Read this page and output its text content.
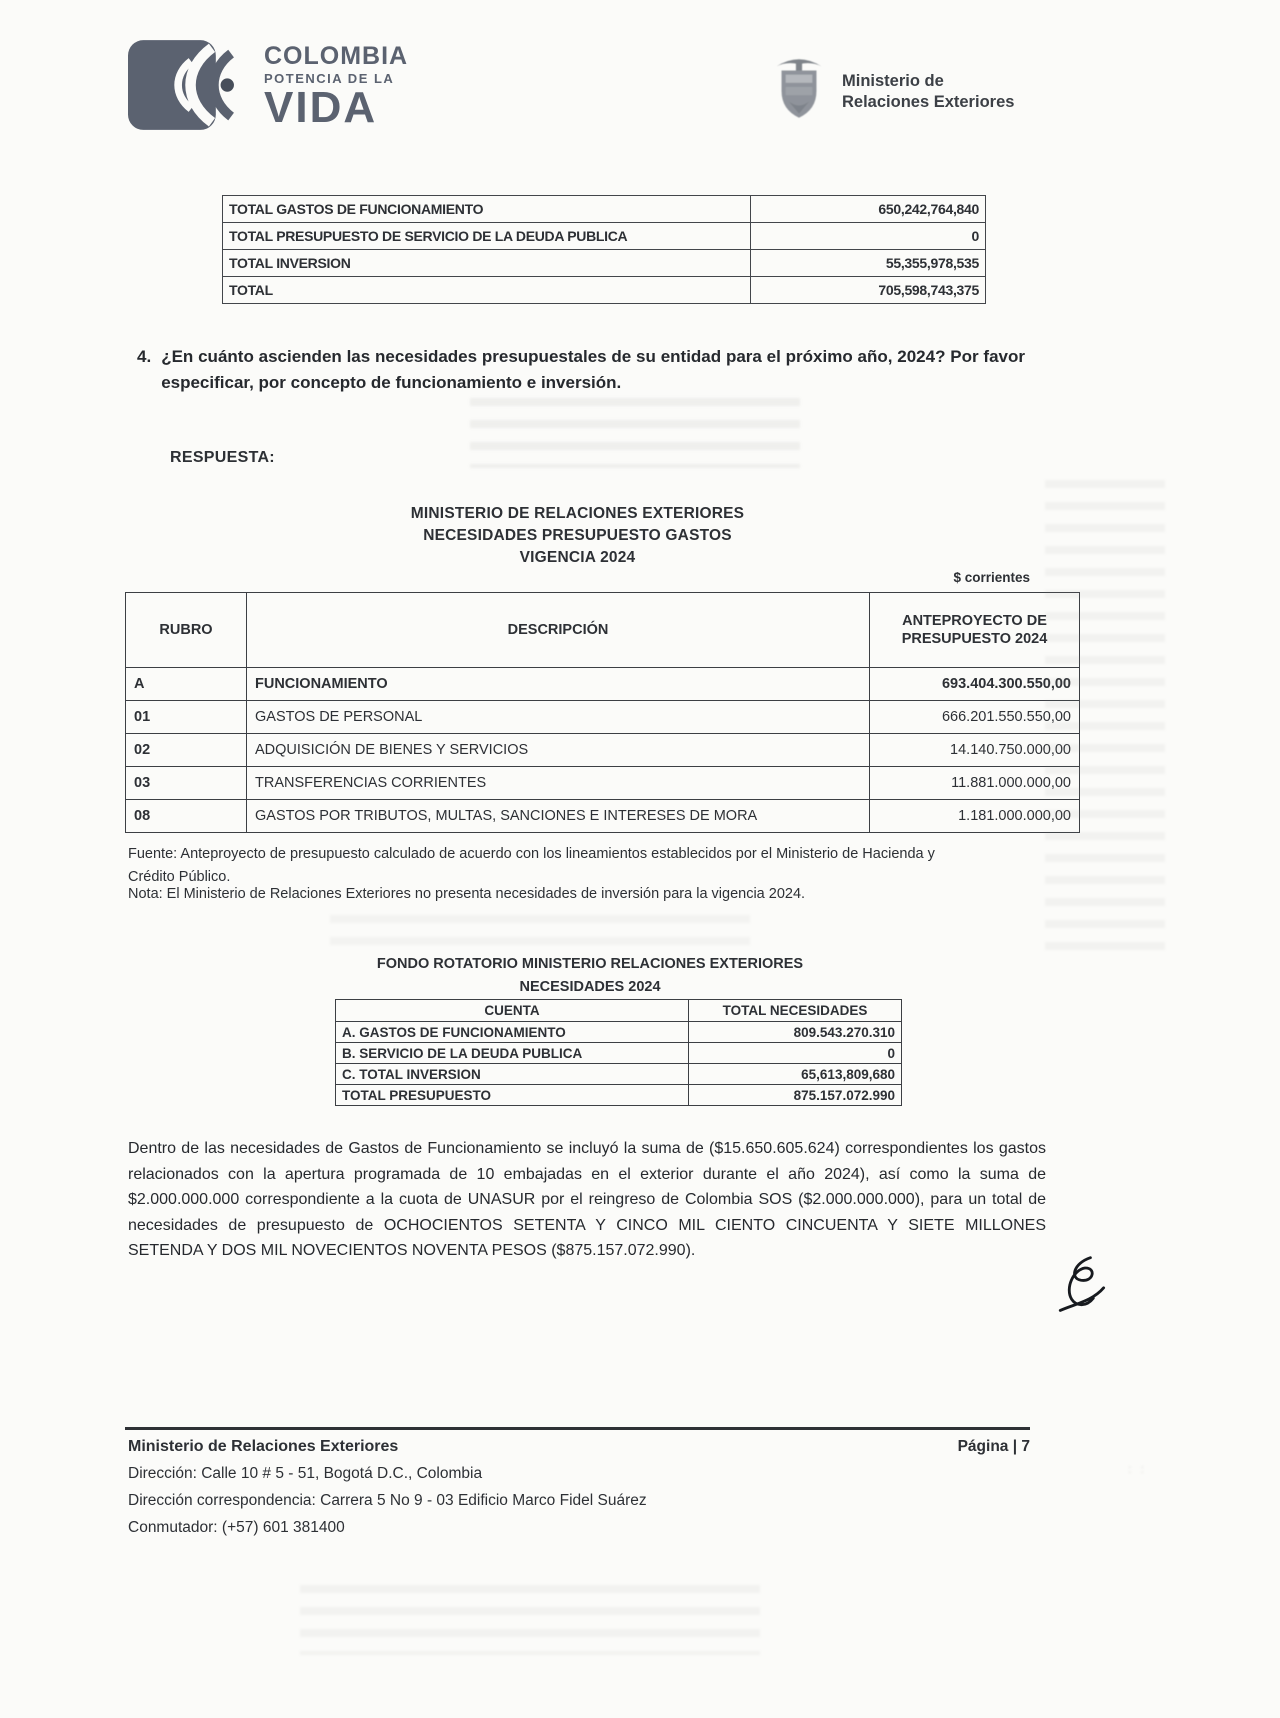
COLOMBIA
POTENCIA DE LA
VIDA
Ministerio de
Relaciones Exteriores
TOTAL GASTOS DE FUNCIONAMIENTO	650,242,764,840
TOTAL PRESUPUESTO DE SERVICIO DE LA DEUDA PUBLICA	0
TOTAL INVERSION	55,355,978,535
TOTAL	705,598,743,375
4. ¿En cuánto ascienden las necesidades presupuestales de su entidad para el próximo año, 2024? Por favor especificar, por concepto de funcionamiento e inversión.
RESPUESTA:
MINISTERIO DE RELACIONES EXTERIORES
NECESIDADES PRESUPUESTO GASTOS
VIGENCIA 2024
$ corrientes
RUBRO	DESCRIPCIÓN	ANTEPROYECTO DE PRESUPUESTO 2024
A	FUNCIONAMIENTO	693.404.300.550,00
01	GASTOS DE PERSONAL	666.201.550.550,00
02	ADQUISICIÓN DE BIENES Y SERVICIOS	14.140.750.000,00
03	TRANSFERENCIAS CORRIENTES	11.881.000.000,00
08	GASTOS POR TRIBUTOS, MULTAS, SANCIONES E INTERESES DE MORA	1.181.000.000,00
Fuente: Anteproyecto de presupuesto calculado de acuerdo con los lineamientos establecidos por el Ministerio de Hacienda y Crédito Público.
Nota: El Ministerio de Relaciones Exteriores no presenta necesidades de inversión para la vigencia 2024.
FONDO ROTATORIO MINISTERIO RELACIONES EXTERIORES
NECESIDADES 2024
CUENTA	TOTAL NECESIDADES
A. GASTOS DE FUNCIONAMIENTO	809.543.270.310
B. SERVICIO DE LA DEUDA PUBLICA	0
C. TOTAL INVERSION	65,613,809,680
TOTAL PRESUPUESTO	875.157.072.990
Dentro de las necesidades de Gastos de Funcionamiento se incluyó la suma de ($15.650.605.624) correspondientes los gastos relacionados con la apertura programada de 10 embajadas en el exterior durante el año 2024), así como la suma de $2.000.000.000 correspondiente a la cuota de UNASUR por el reingreso de Colombia SOS ($2.000.000.000), para un total de necesidades de presupuesto de OCHOCIENTOS SETENTA Y CINCO MIL CIENTO CINCUENTA Y SIETE MILLONES SETENDA Y DOS MIL NOVECIENTOS NOVENTA PESOS ($875.157.072.990).
Ministerio de Relaciones Exteriores	Página | 7
Dirección: Calle 10 # 5 - 51, Bogotá D.C., Colombia
Dirección correspondencia: Carrera 5 No 9 - 03 Edificio Marco Fidel Suárez
Conmutador: (+57) 601 381400
: :
